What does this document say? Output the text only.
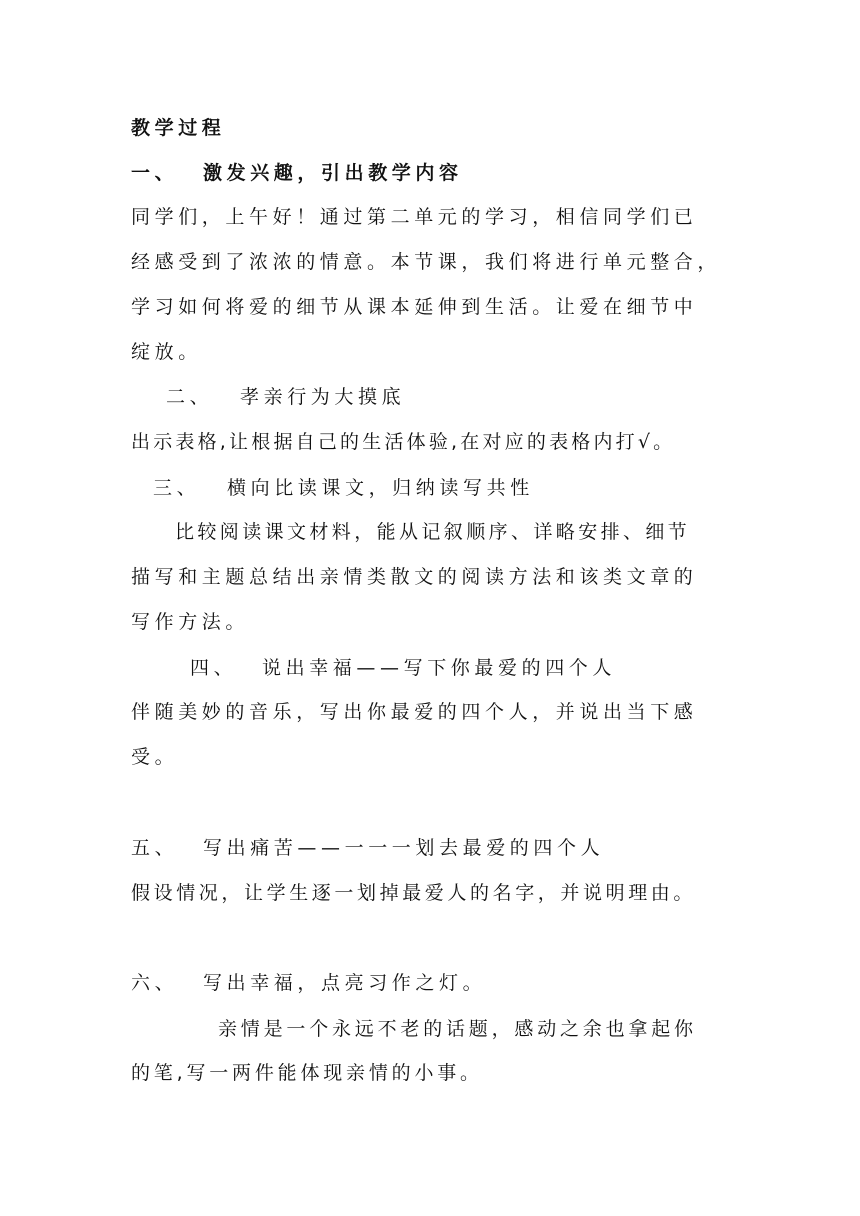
教学过程
一、 激发兴趣，引出教学内容
同学们，上午好！通过第二单元的学习，相信同学们已
经感受到了浓浓的情意。本节课，我们将进行单元整合，
学习如何将爱的细节从课本延伸到生活。让爱在细节中
绽放。
二、 孝亲行为大摸底
出示表格,让根据自己的生活体验,在对应的表格内打√。
三、 横向比读课文，归纳读写共性
比较阅读课文材料，能从记叙顺序、详略安排、细节
描写和主题总结出亲情类散文的阅读方法和该类文章的
写作方法。
四、 说出幸福——写下你最爱的四个人
伴随美妙的音乐，写出你最爱的四个人，并说出当下感
受。
五、 写出痛苦——一一一划去最爱的四个人
假设情况，让学生逐一划掉最爱人的名字，并说明理由。
六、 写出幸福，点亮习作之灯。
亲情是一个永远不老的话题，感动之余也拿起你
的笔,写一两件能体现亲情的小事。
